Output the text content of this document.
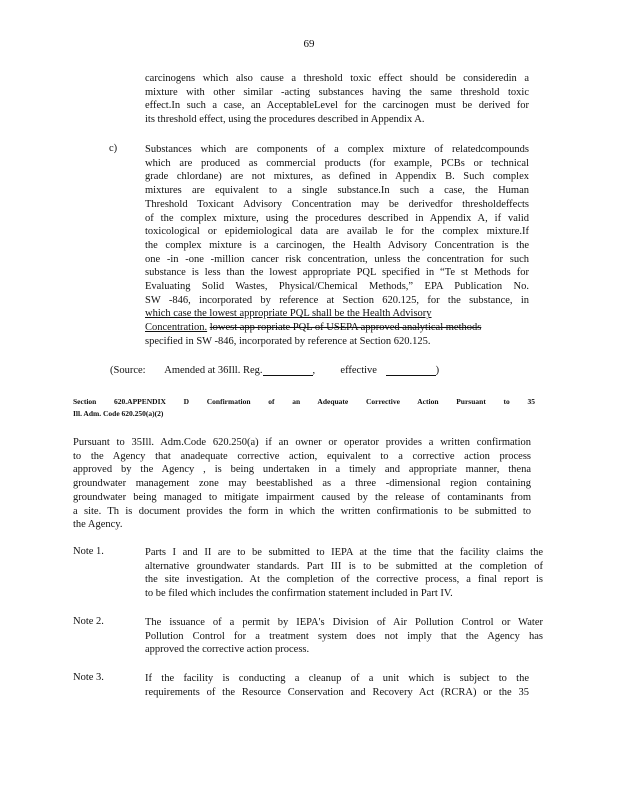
69
carcinogens which also cause a threshold toxic effect should be consideredin a
mixture with other similar -acting substances having the same threshold toxic
effect.In such a case, an AcceptableLevel for the carcinogen must be derived for
its threshold effect, using the procedures described in Appendix A.
c)	Substances which are components of a complex mixture of relatedcompounds
which are produced as commercial products (for example, PCBs or technical
grade chlordane) are not mixtures, as defined in Appendix B. Such complex
mixtures are equivalent to a single substance.In such a case, the Human
Threshold Toxicant Advisory Concentration may be derivedfor thresholdeffects
of the complex mixture, using the procedures described in Appendix A, if valid
toxicological or epidemiological data are availab le for the complex mixture.If
the complex mixture is a carcinogen, the Health Advisory Concentration is the
one -in -one -million cancer risk concentration, unless the concentration for such
substance is less than the lowest appropriate PQL specified in “Te st Methods for
Evaluating Solid Wastes, Physical/Chemical Methods,” EPA Publication No.
SW -846, incorporated by reference at Section 620.125, for the substance, in
which case the lowest appropriate PQL shall be the Health Advisory
Concentration. lowest app ropriate PQL of USEPA approved analytical methods
specified in SW -846, incorporated by reference at Section 620.125.
(Source: Amended at 36Ill. Reg.	, effective	)
Section 620.APPENDIX D Confirmation of an Adequate Corrective Action Pursuant to 35
Ill. Adm. Code 620.250(a)(2)
Pursuant to 35Ill. Adm.Code 620.250(a) if an owner or operator provides a written confirmation
to the Agency that anadequate corrective action, equivalent to a corrective action process
approved by the Agency , is being undertaken in a timely and appropriate manner, thena
groundwater management zone may beestablished as a three -dimensional region containing
groundwater being managed to mitigate impairment caused by the release of contaminants from
a site. Th is document provides the form in which the written confirmationis to be submitted to
the Agency.
Note 1.	Parts I and II are to be submitted to IEPA at the time that the facility claims the
alternative groundwater standards. Part III is to be submitted at the completion of
the site investigation. At the completion of the corrective process, a final report is
to be filed which includes the confirmation statement included in Part IV.
Note 2.	The issuance of a permit by IEPA's Division of Air Pollution Control or Water
Pollution Control for a treatment system does not imply that the Agency has
approved the corrective action process.
Note 3.	If the facility is conducting a cleanup of a unit which is subject to the
requirements of the Resource Conservation and Recovery Act (RCRA) or the 35
